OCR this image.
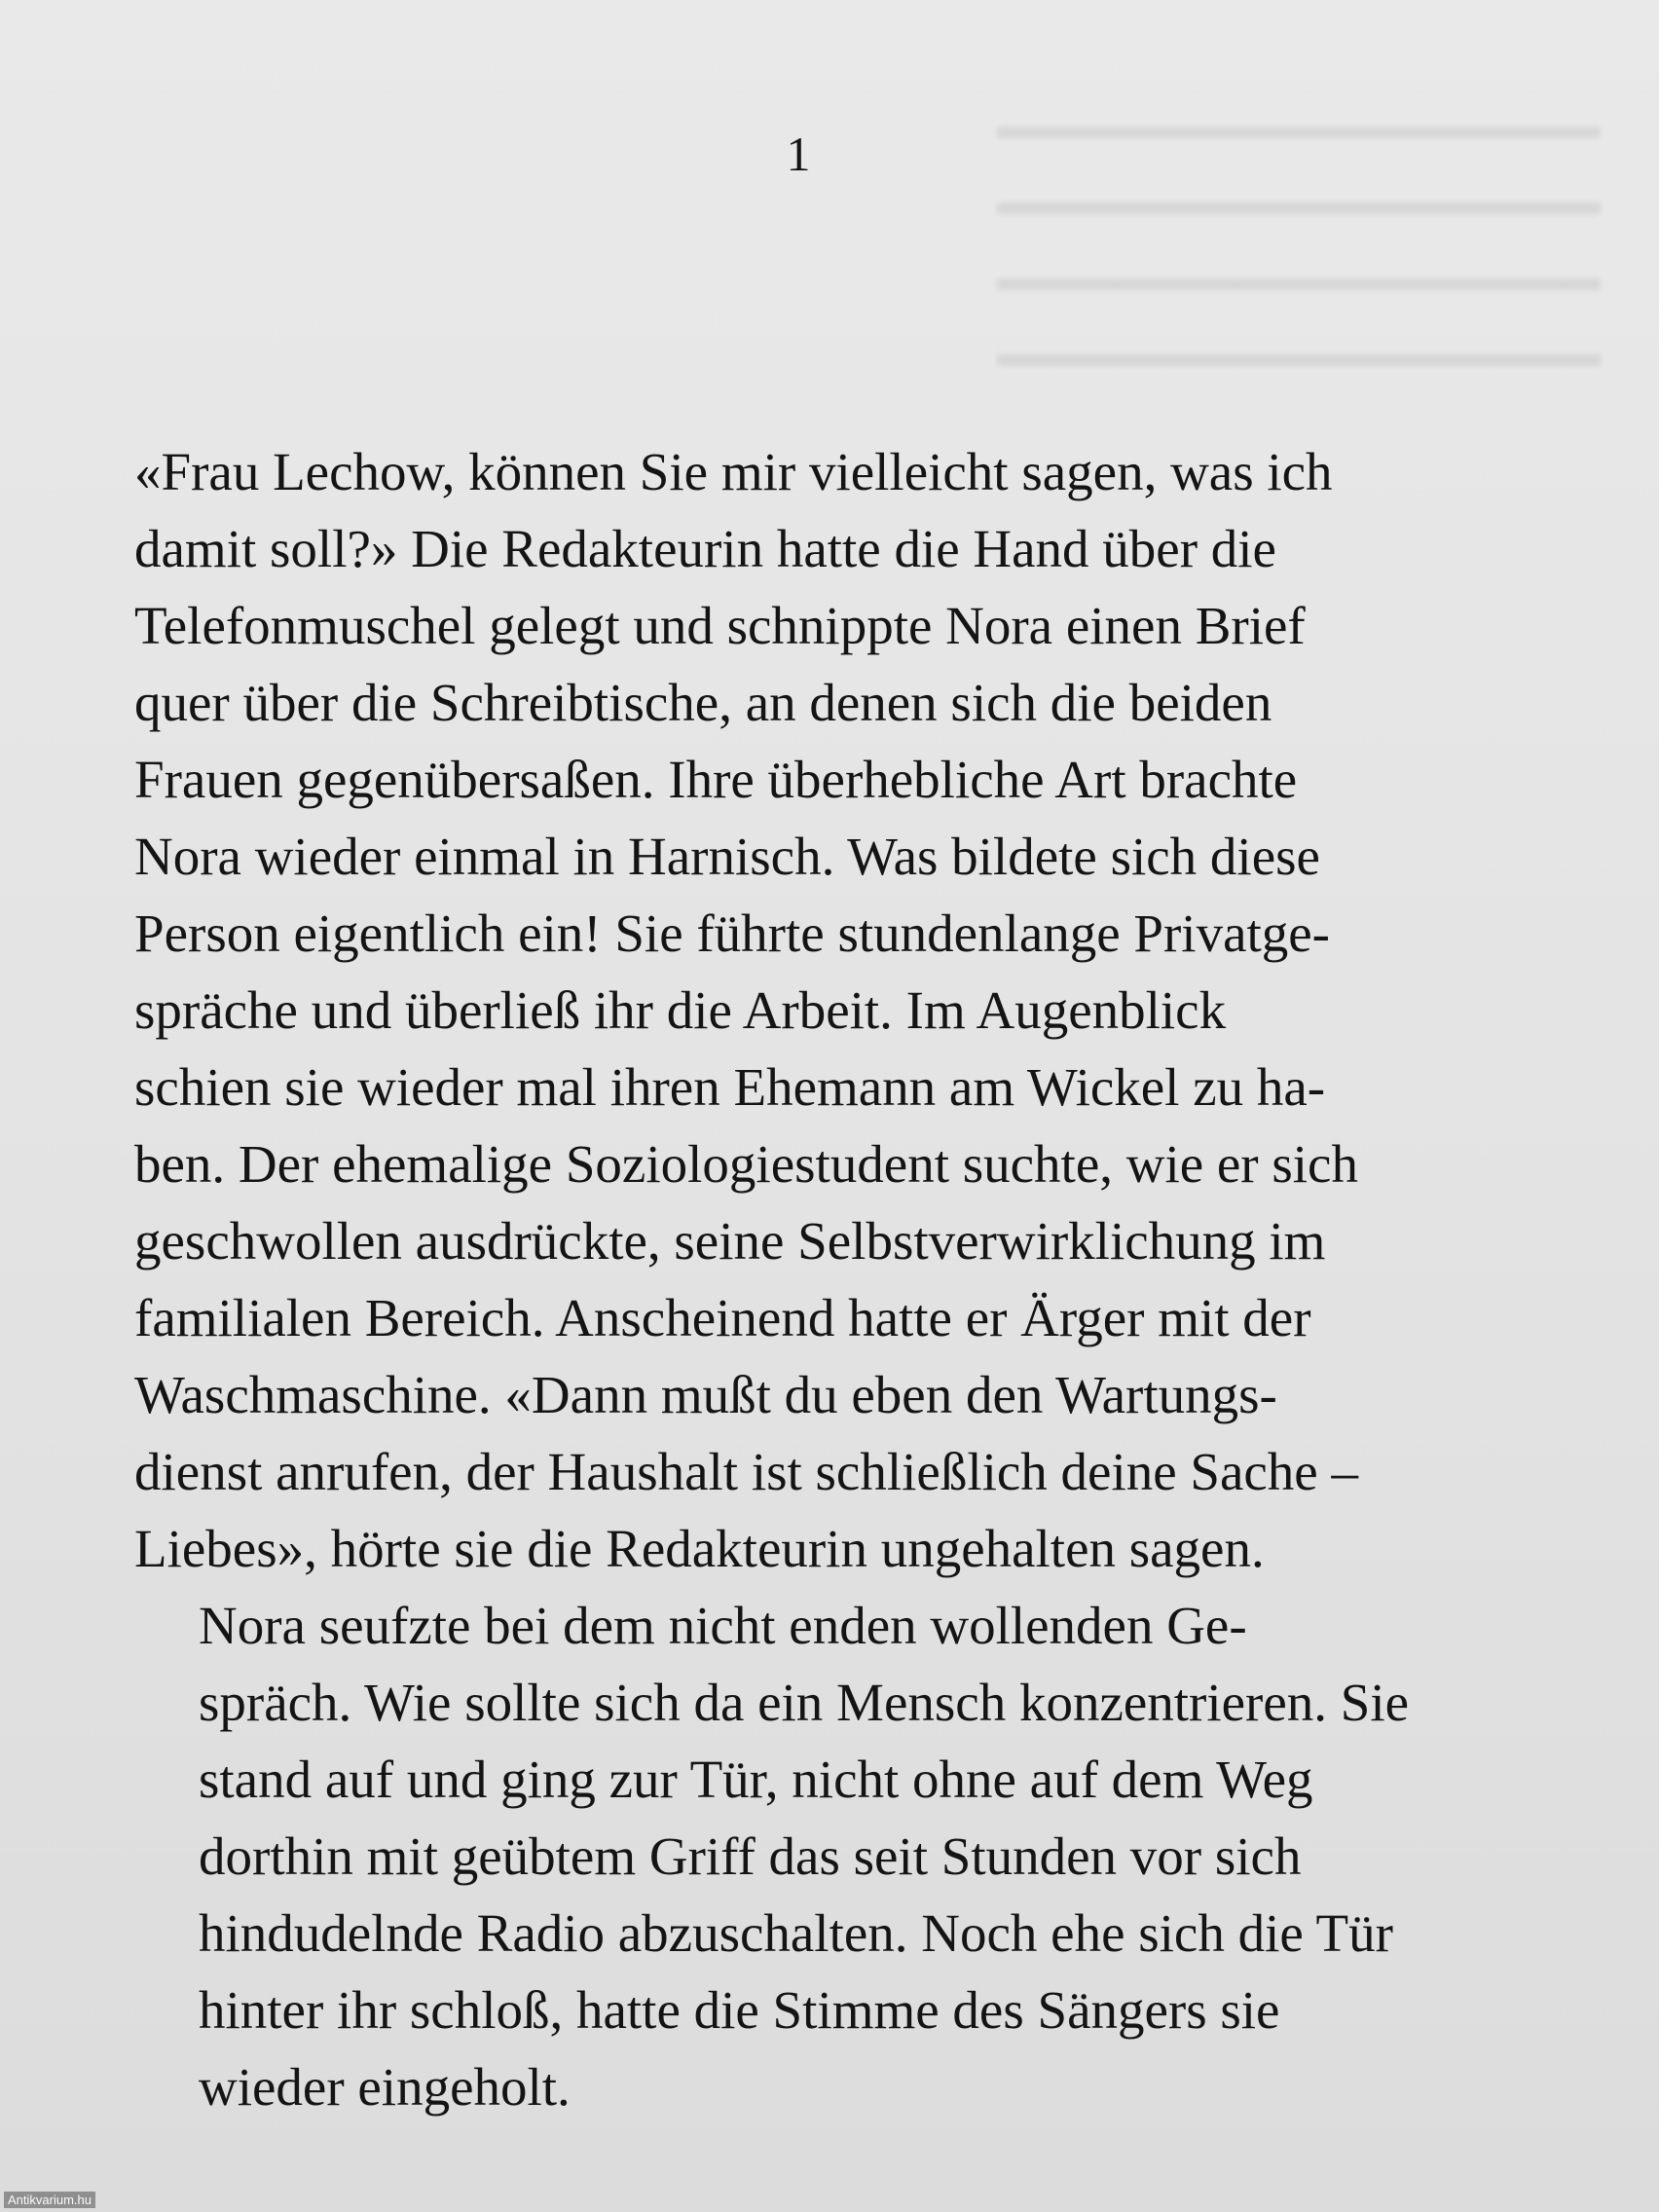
1

«Frau Lechow, können Sie mir vielleicht sagen, was ich
damit soll?» Die Redakteurin hatte die Hand über die
Telefonmuschel gelegt und schnippte Nora einen Brief
quer über die Schreibtische, an denen sich die beiden
Frauen gegenübersaßen. Ihre überhebliche Art brachte
Nora wieder einmal in Harnisch. Was bildete sich diese
Person eigentlich ein! Sie führte stundenlange Privatge-
spräche und überließ ihr die Arbeit. Im Augenblick
schien sie wieder mal ihren Ehemann am Wickel zu ha-
ben. Der ehemalige Soziologiestudent suchte, wie er sich
geschwollen ausdrückte, seine Selbstverwirklichung im
familialen Bereich. Anscheinend hatte er Ärger mit der
Waschmaschine. «Dann mußt du eben den Wartungs-
dienst anrufen, der Haushalt ist schließlich deine Sache –
Liebes», hörte sie die Redakteurin ungehalten sagen.

Nora seufzte bei dem nicht enden wollenden Ge-
spräch. Wie sollte sich da ein Mensch konzentrieren. Sie
stand auf und ging zur Tür, nicht ohne auf dem Weg
dorthin mit geübtem Griff das seit Stunden vor sich
hindudelnde Radio abzuschalten. Noch ehe sich die Tür
hinter ihr schloß, hatte die Stimme des Sängers sie
wieder eingeholt.

Antikvarium.hu
